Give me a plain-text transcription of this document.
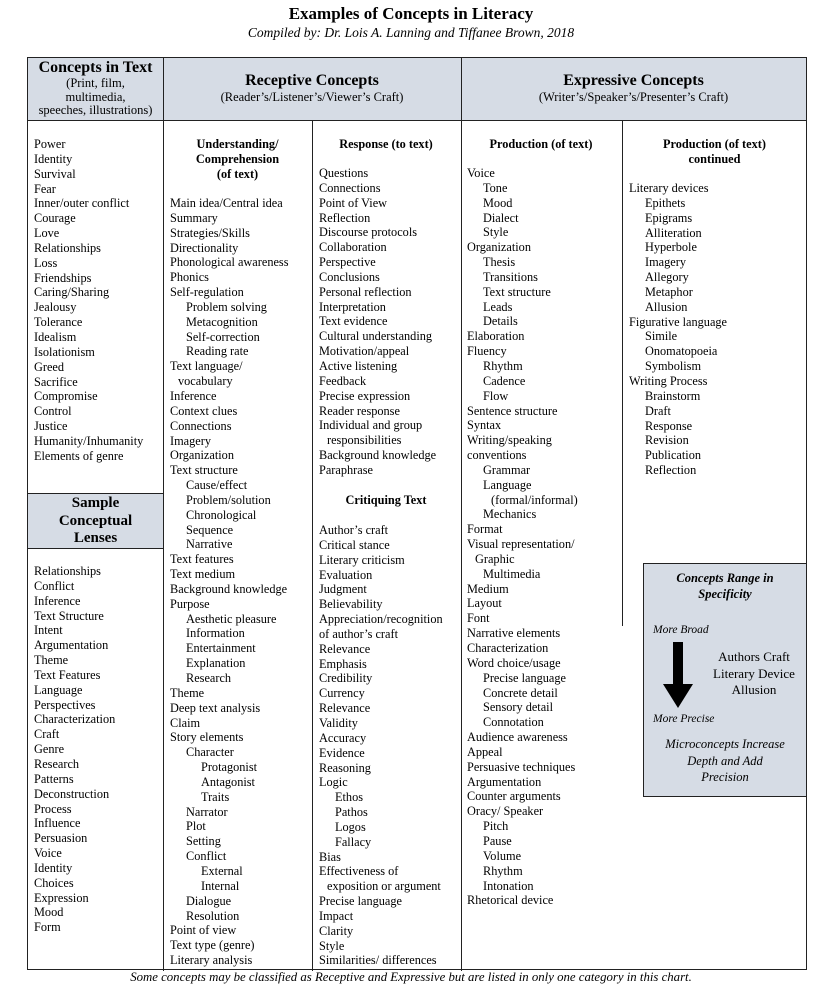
Examples of Concepts in Literacy
Compiled by: Dr. Lois A. Lanning and Tiffanee Brown, 2018
Concepts in Text
(Print, film,
multimedia,
speeches, illustrations)
Receptive Concepts
(Reader’s/Listener’s/Viewer’s Craft)
Expressive Concepts
(Writer’s/Speaker’s/Presenter’s Craft)
Sample
Conceptual
Lenses
Understanding/
Comprehension
(of text)
Response (to text)
Critiquing Text
Production (of text)	Production (of text)
continued
Power
Identity
Survival
Fear
Inner/outer conflict
Courage
Love
Relationships
Loss
Friendships
Caring/Sharing
Jealousy
Tolerance
Idealism
Isolationism
Greed
Sacrifice
Compromise
Control
Justice
Humanity/Inhumanity
Elements of genre
Relationships
Conflict
Inference
Text Structure
Intent
Argumentation
Theme
Text Features
Language
Perspectives
Characterization
Craft
Genre
Research
Patterns
Deconstruction
Process
Influence
Persuasion
Voice
Identity
Choices
Expression
Mood
Form
Main idea/Central idea
Summary
Strategies/Skills
Directionality
Phonological awareness
Phonics
Self-regulation
Problem solving
Metacognition
Self-correction
Reading rate
Text language/
vocabulary
Inference
Context clues
Connections
Imagery
Organization
Text structure
Cause/effect
Problem/solution
Chronological
Sequence
Narrative
Text features
Text medium
Background knowledge
Purpose
Aesthetic pleasure
Information
Entertainment
Explanation
Research
Theme
Deep text analysis
Claim
Story elements
Character
Protagonist
Antagonist
Traits
Narrator
Plot
Setting
Conflict
External
Internal
Dialogue
Resolution
Point of view
Text type (genre)
Literary analysis
Questions
Connections
Point of View
Reflection
Discourse protocols
Collaboration
Perspective
Conclusions
Personal reflection
Interpretation
Text evidence
Cultural understanding
Motivation/appeal
Active listening
Feedback
Precise expression
Reader response
Individual and group
responsibilities
Background knowledge
Paraphrase
Author’s craft
Critical stance
Literary criticism
Evaluation
Judgment
Believability
Appreciation/recognition
of author’s craft
Relevance
Emphasis
Credibility
Currency
Relevance
Validity
Accuracy
Evidence
Reasoning
Logic
Ethos
Pathos
Logos
Fallacy
Bias
Effectiveness of
exposition or argument
Precise language
Impact
Clarity
Style
Similarities/ differences
Voice
Tone
Mood
Dialect
Style
Organization
Thesis
Transitions
Text structure
Leads
Details
Elaboration
Fluency
Rhythm
Cadence
Flow
Sentence structure
Syntax
Writing/speaking
conventions
Grammar
Language
(formal/informal)
Mechanics
Format
Visual representation/
Graphic
Multimedia
Medium
Layout
Font
Narrative elements
Characterization
Word choice/usage
Precise language
Concrete detail
Sensory detail
Connotation
Audience awareness
Appeal
Persuasive techniques
Argumentation
Counter arguments
Oracy/ Speaker
Pitch
Pause
Volume
Rhythm
Intonation
Rhetorical device
Literary devices
Epithets
Epigrams
Alliteration
Hyperbole
Imagery
Allegory
Metaphor
Allusion
Figurative language
Simile
Onomatopoeia
Symbolism
Writing Process
Brainstorm
Draft
Response
Revision
Publication
Reflection
Concepts Range in
Specificity
More Broad
Authors Craft
Literary Device
Allusion
More Precise
Microconcepts Increase
Depth and Add
Precision
Some concepts may be classified as Receptive and Expressive but are listed in only one category in this chart.
